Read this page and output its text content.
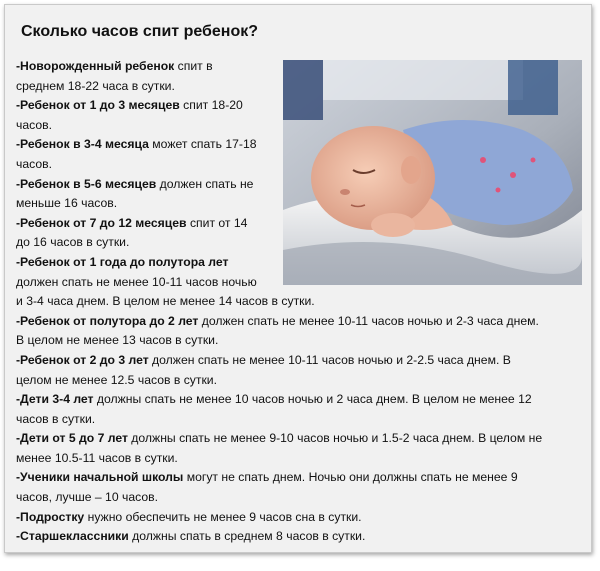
Сколько часов спит ребенок?
-Новорожденный ребенок спит в
среднем 18-22 часа в сутки.
-Ребенок от 1 до 3 месяцев спит 18-20
часов.
-Ребенок в 3-4 месяца может спать 17-18
часов.
-Ребенок в 5-6 месяцев должен спать не
меньше 16 часов.
-Ребенок от 7 до 12 месяцев спит от 14
до 16 часов в сутки.
-Ребенок от 1 года до полутора лет
должен спать не менее 10-11 часов ночью
и 3-4 часа днем. В целом не менее 14 часов в сутки.
-Ребенок от полутора до 2 лет должен спать не менее 10-11 часов ночью и 2-3 часа днем.
В целом не менее 13 часов в сутки.
-Ребенок от 2 до 3 лет должен спать не менее 10-11 часов ночью и 2-2.5 часа днем. В
целом не менее 12.5 часов в сутки.
-Дети 3-4 лет должны спать не менее 10 часов ночью и 2 часа днем. В целом не менее 12
часов в сутки.
-Дети от 5 до 7 лет должны спать не менее 9-10 часов ночью и 1.5-2 часа днем. В целом не
менее 10.5-11 часов в сутки.
-Ученики начальной школы могут не спать днем. Ночью они должны спать не менее 9
часов, лучше – 10 часов.
-Подростку нужно обеспечить не менее 9 часов сна в сутки.
-Старшеклассники должны спать в среднем 8 часов в сутки.
